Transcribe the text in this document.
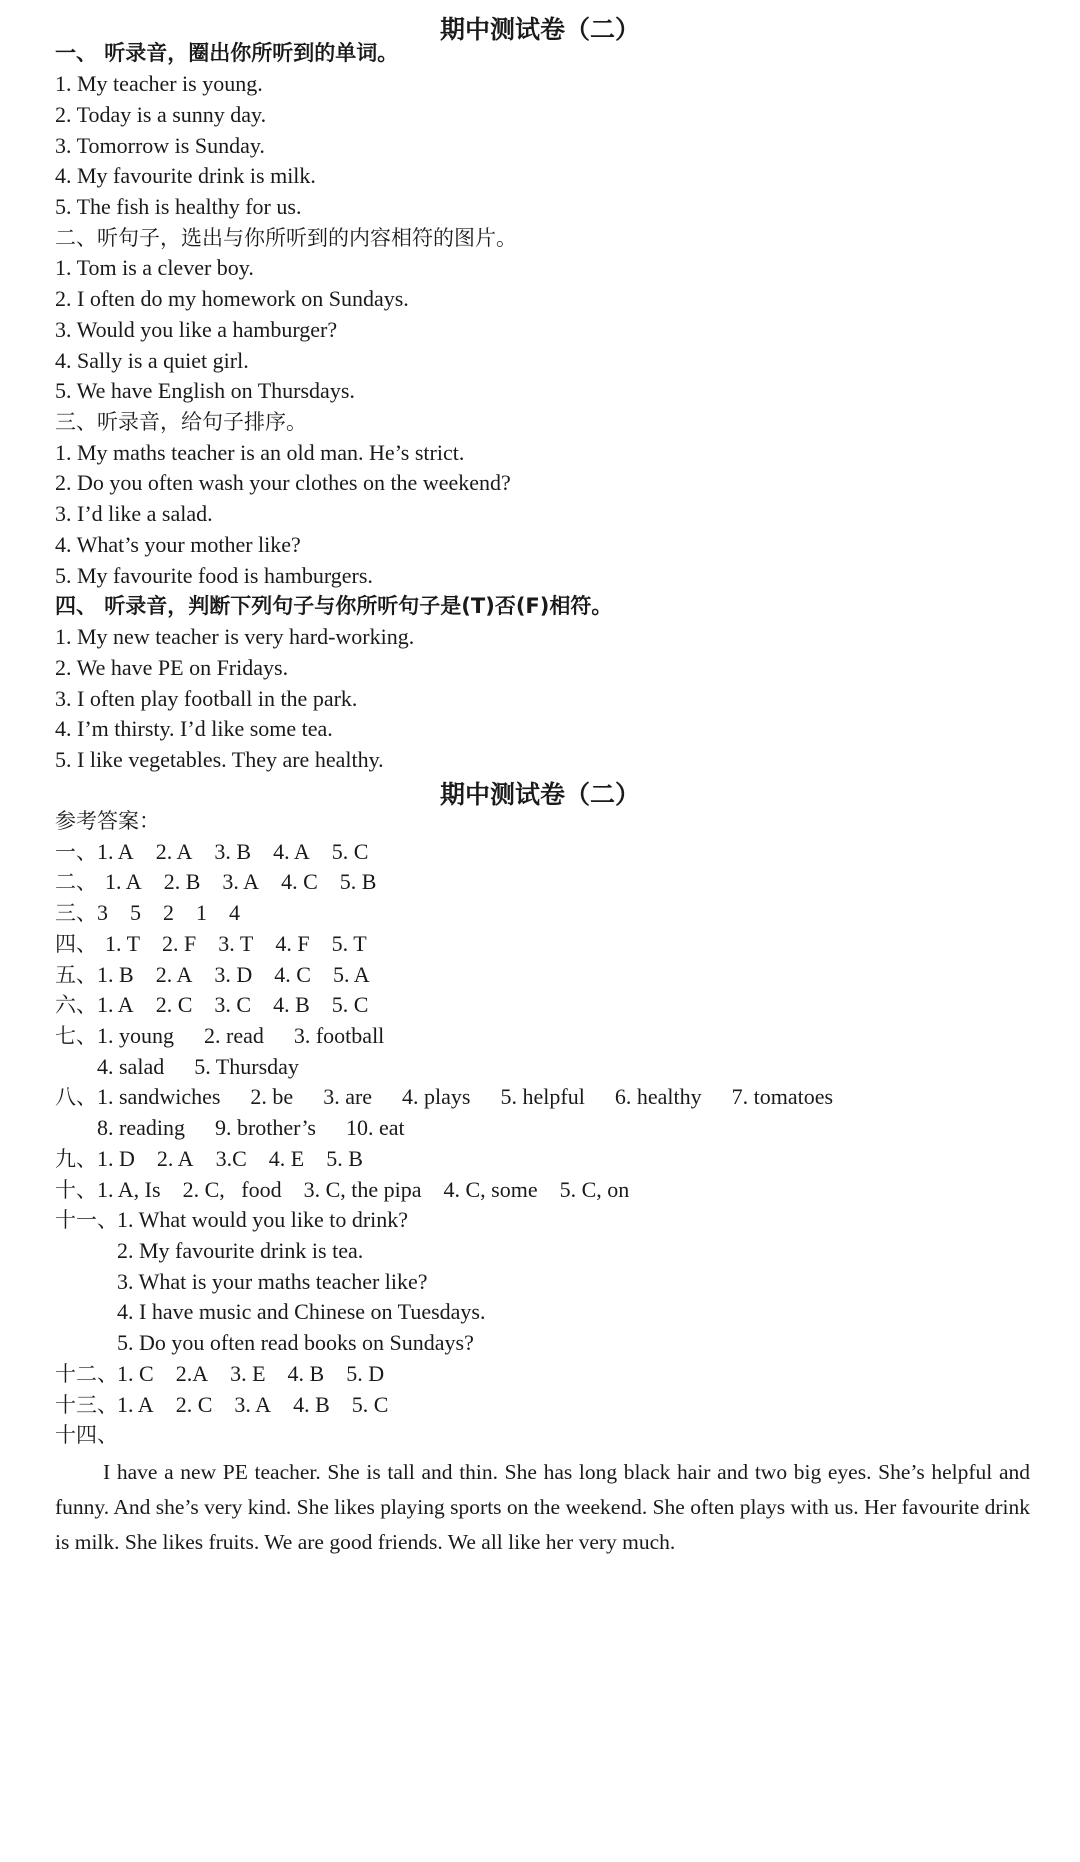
期中测试卷（二）
一、 听录音，圈出你所听到的单词。
1. My teacher is young.
2. Today is a sunny day.
3. Tomorrow is Sunday.
4. My favourite drink is milk.
5. The fish is healthy for us.
二、听句子，选出与你所听到的内容相符的图片。
1. Tom is a clever boy.
2. I often do my homework on Sundays.
3. Would you like a hamburger?
4. Sally is a quiet girl.
5. We have English on Thursdays.
三、听录音，给句子排序。
1. My maths teacher is an old man. He’s strict.
2. Do you often wash your clothes on the weekend?
3. I’d like a salad.
4. What’s your mother like?
5. My favourite food is hamburgers.
四、 听录音，判断下列句子与你所听句子是(T)否(F)相符。
1. My new teacher is very hard-working.
2. We have PE on Fridays.
3. I often play football in the park.
4. I’m thirsty. I’d like some tea.
5. I like vegetables. They are healthy.
期中测试卷（二）
参考答案：
一、1. A 2. A 3. B 4. A 5. C
二、 1. A 2. B 3. A 4. C 5. B
三、3 5 2 1 4
四、 1. T 2. F 3. T 4. F 5. T
五、1. B 2. A 3. D 4. C 5. A
六、1. A 2. C 3. C 4. B 5. C
七、1. young 2. read 3. football
4. salad 5. Thursday
八、1. sandwiches 2. be 3. are 4. plays 5. helpful 6. healthy 7. tomatoes
8. reading 9. brother’s 10. eat
九、1. D 2. A 3.C 4. E 5. B
十、1. A, Is 2. C,   food 3. C, the pipa 4. C, some 5. C, on
十一、1. What would you like to drink?
2. My favourite drink is tea.
3. What is your maths teacher like?
4. I have music and Chinese on Tuesdays.
5. Do you often read books on Sundays?
十二、1. C 2.A 3. E 4. B 5. D
十三、1. A 2. C 3. A 4. B 5. C
十四、

I have a new PE teacher. She is tall and thin. She has long black hair and two big eyes. She’s helpful and funny. And she’s very kind. She likes playing sports on the weekend. She often plays with us. Her favourite drink is milk. She likes fruits. We are good friends. We all like her very much.
